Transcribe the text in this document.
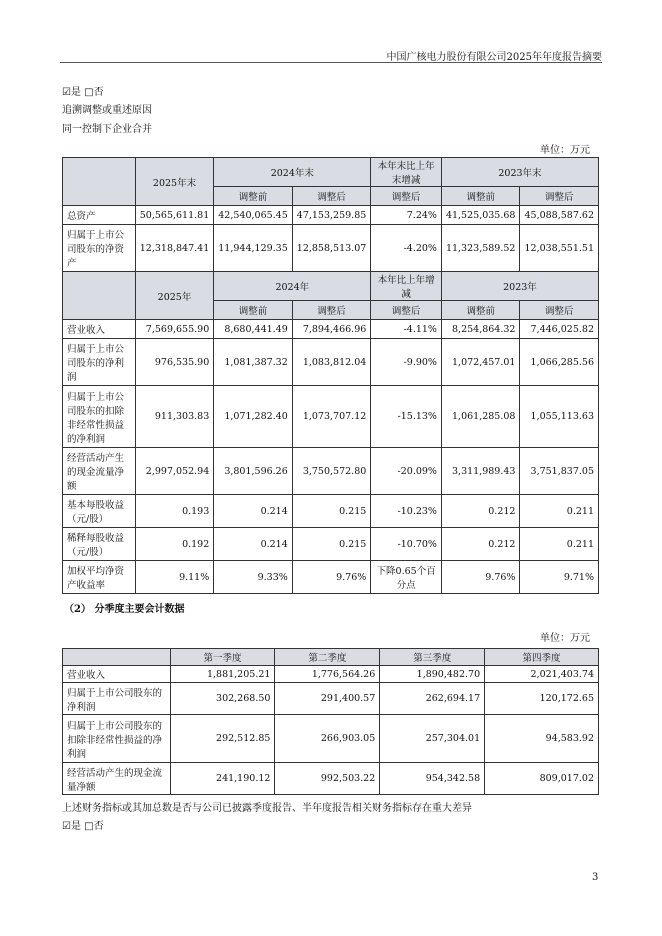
中国广核电力股份有限公司2025年年度报告摘要
☑是 □否
追溯调整或重述原因
同一控制下企业合并
单位：万元
	2025年末	2024年末		本年末比上年末增减	2023年末	
		调整前	调整后	调整后	调整前	调整后
总资产	50,565,611.81	42,540,065.45	47,153,259.85	7.24%	41,525,035.68	45,088,587.62
归属于上市公司股东的净资产	12,318,847.41	11,944,129.35	12,858,513.07	-4.20%	11,323,589.52	12,038,551.51
	2025年	2024年		本年比上年增减	2023年	
		调整前	调整后	调整后	调整前	调整后
营业收入	7,569,655.90	8,680,441.49	7,894,466.96	-4.11%	8,254,864.32	7,446,025.82
归属于上市公司股东的净利润	976,535.90	1,081,387.32	1,083,812.04	-9.90%	1,072,457.01	1,066,285.56
归属于上市公司股东的扣除非经常性损益的净利润	911,303.83	1,071,282.40	1,073,707.12	-15.13%	1,061,285.08	1,055,113.63
经营活动产生的现金流量净额	2,997,052.94	3,801,596.26	3,750,572.80	-20.09%	3,311,989.43	3,751,837.05
基本每股收益（元/股）	0.193	0.214	0.215	-10.23%	0.212	0.211
稀释每股收益（元/股）	0.192	0.214	0.215	-10.70%	0.212	0.211
加权平均净资产收益率	9.11%	9.33%	9.76%	下降0.65个百分点	9.76%	9.71%
（2） 分季度主要会计数据
单位：万元
	第一季度	第二季度	第三季度	第四季度
营业收入	1,881,205.21	1,776,564.26	1,890,482.70	2,021,403.74
归属于上市公司股东的净利润	302,268.50	291,400.57	262,694.17	120,172.65
归属于上市公司股东的扣除非经常性损益的净利润	292,512.85	266,903.05	257,304.01	94,583.92
经营活动产生的现金流量净额	241,190.12	992,503.22	954,342.58	809,017.02
上述财务指标或其加总数是否与公司已披露季度报告、半年度报告相关财务指标存在重大差异
☑是 □否
3
